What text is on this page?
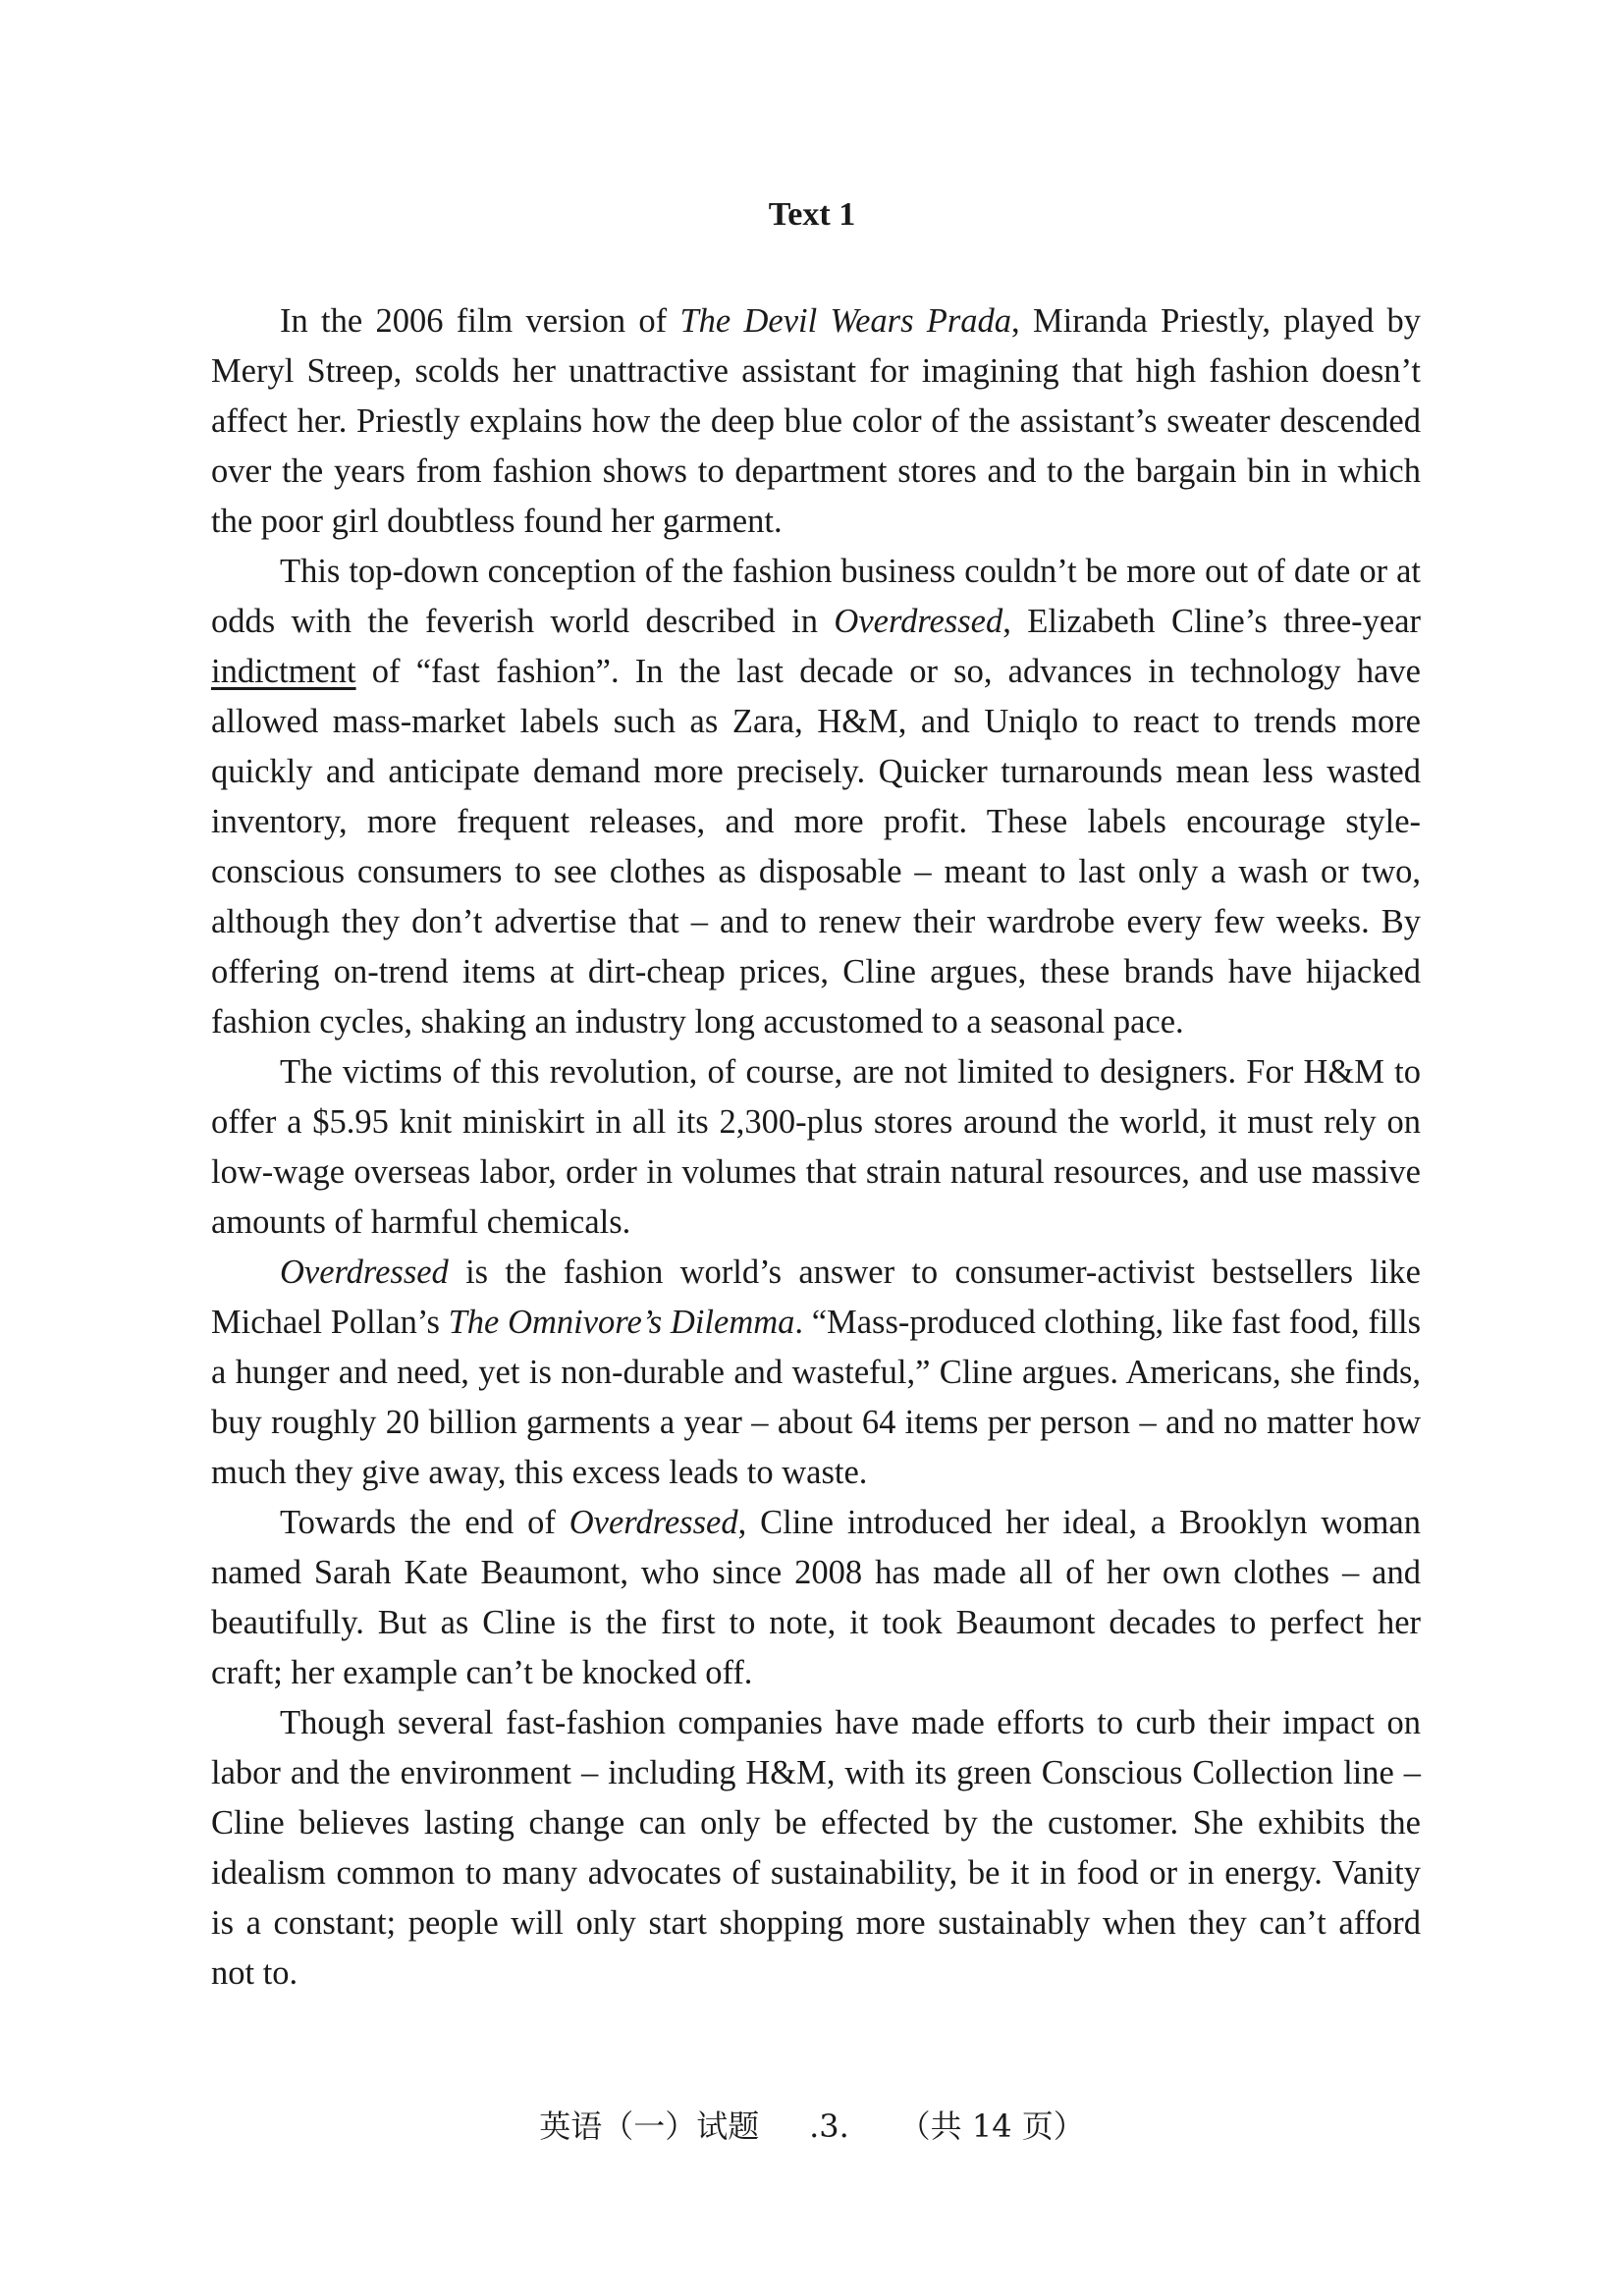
Text 1

In the 2006 film version of The Devil Wears Prada, Miranda Priestly, played by Meryl Streep, scolds her unattractive assistant for imagining that high fashion doesn’t affect her. Priestly explains how the deep blue color of the assistant’s sweater descended over the years from fashion shows to department stores and to the bargain bin in which the poor girl doubtless found her garment.

This top-down conception of the fashion business couldn’t be more out of date or at odds with the feverish world described in Overdressed, Elizabeth Cline’s three-year indictment of “fast fashion”. In the last decade or so, advances in technology have allowed mass-market labels such as Zara, H&M, and Uniqlo to react to trends more quickly and anticipate demand more precisely. Quicker turnarounds mean less wasted inventory, more frequent releases, and more profit. These labels encourage style-conscious consumers to see clothes as disposable – meant to last only a wash or two, although they don’t advertise that – and to renew their wardrobe every few weeks. By offering on-trend items at dirt-cheap prices, Cline argues, these brands have hijacked fashion cycles, shaking an industry long accustomed to a seasonal pace.

The victims of this revolution, of course, are not limited to designers. For H&M to offer a $5.95 knit miniskirt in all its 2,300-plus stores around the world, it must rely on low-wage overseas labor, order in volumes that strain natural resources, and use massive amounts of harmful chemicals.

Overdressed is the fashion world’s answer to consumer-activist bestsellers like Michael Pollan’s The Omnivore’s Dilemma. “Mass-produced clothing, like fast food, fills a hunger and need, yet is non-durable and wasteful,” Cline argues. Americans, she finds, buy roughly 20 billion garments a year – about 64 items per person – and no matter how much they give away, this excess leads to waste.

Towards the end of Overdressed, Cline introduced her ideal, a Brooklyn woman named Sarah Kate Beaumont, who since 2008 has made all of her own clothes – and beautifully. But as Cline is the first to note, it took Beaumont decades to perfect her craft; her example can’t be knocked off.

Though several fast-fashion companies have made efforts to curb their impact on labor and the environment – including H&M, with its green Conscious Collection line – Cline believes lasting change can only be effected by the customer. She exhibits the idealism common to many advocates of sustainability, be it in food or in energy. Vanity is a constant; people will only start shopping more sustainably when they can’t afford not to.

英语（一）试题 .3. （共 14 页）
